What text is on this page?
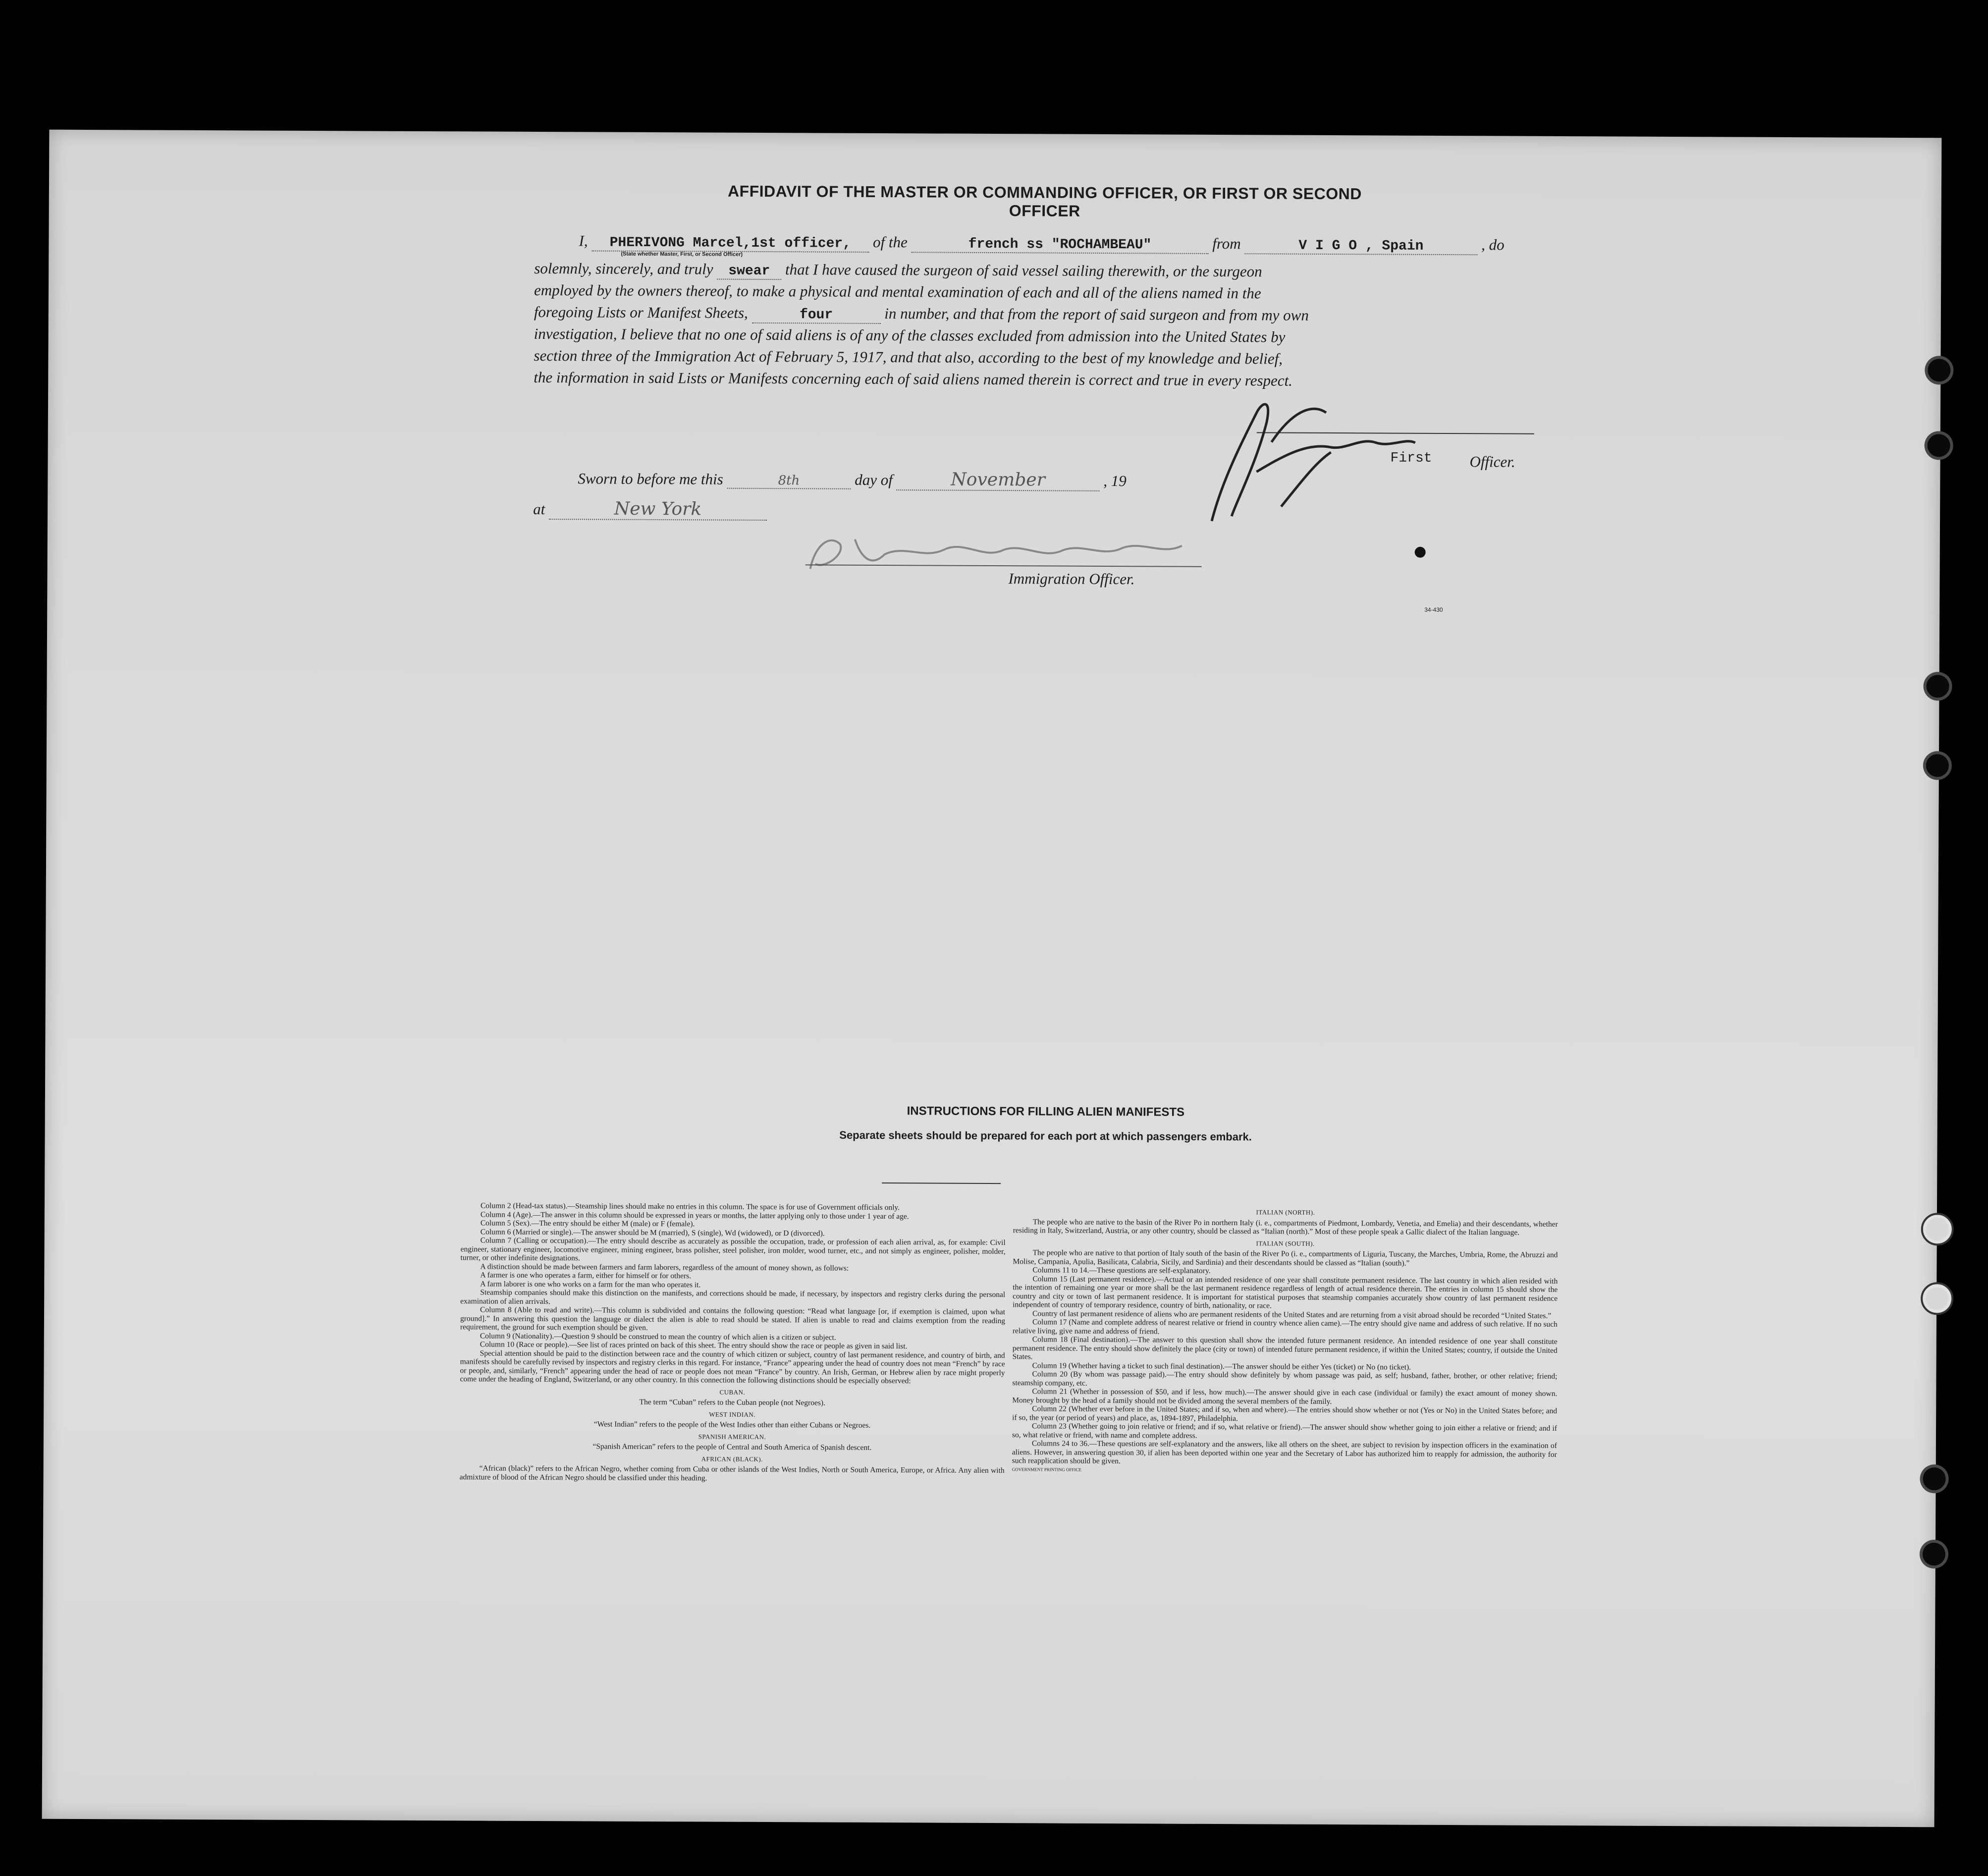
AFFIDAVIT OF THE MASTER OR COMMANDING OFFICER, OR FIRST OR SECOND OFFICER
I, PHERIVONG Marcel,1st officer, of the	french ss "ROCHAMBEAU"	from	V I G O , Spain	, do
(State whether Master, First, or Second Officer)
solemnly, sincerely, and truly swear that I have caused the surgeon of said vessel sailing therewith, or the surgeon
employed by the owners thereof, to make a physical and mental examination of each and all of the aliens named in the
foregoing Lists or Manifest Sheets,	four	in number, and that from the report of said surgeon and from my own
investigation, I believe that no one of said aliens is of any of the classes excluded from admission into the United States by
section three of the Immigration Act of February 5, 1917, and that also, according to the best of my knowledge and belief,
the information in said Lists or Manifests concerning each of said aliens named therein is correct and true in every respect.
First Officer.
Sworn to before me this	8th	day of	November	, 19
at	New York
Immigration Officer.
34-430
INSTRUCTIONS FOR FILLING ALIEN MANIFESTS
Separate sheets should be prepared for each port at which passengers embark.

Column 2 (Head-tax status).—Steamship lines should make no entries in this column. The space is for use of Government officials only.

Column 4 (Age).—The answer in this column should be expressed in years or months, the latter applying only to those under 1 year of age.

Column 5 (Sex).—The entry should be either M (male) or F (female).

Column 6 (Married or single).—The answer should be M (married), S (single), Wd (widowed), or D (divorced).

Column 7 (Calling or occupation).—The entry should describe as accurately as possible the occupation, trade, or profession of each alien arrival, as, for example: Civil engineer, stationary engineer, locomotive engineer, mining engineer, brass polisher, steel polisher, iron molder, wood turner, etc., and not simply as engineer, polisher, molder, turner, or other indefinite designations.

A distinction should be made between farmers and farm laborers, regardless of the amount of money shown, as follows:

A farmer is one who operates a farm, either for himself or for others.

A farm laborer is one who works on a farm for the man who operates it.

Steamship companies should make this distinction on the manifests, and corrections should be made, if necessary, by inspectors and registry clerks during the personal examination of alien arrivals.

Column 8 (Able to read and write).—This column is subdivided and contains the following question: “Read what language [or, if exemption is claimed, upon what ground].” In answering this question the language or dialect the alien is able to read should be stated. If alien is unable to read and claims exemption from the reading requirement, the ground for such exemption should be given.

Column 9 (Nationality).—Question 9 should be construed to mean the country of which alien is a citizen or subject.

Column 10 (Race or people).—See list of races printed on back of this sheet. The entry should show the race or people as given in said list.

Special attention should be paid to the distinction between race and the country of which citizen or subject, country of last permanent residence, and country of birth, and manifests should be carefully revised by inspectors and registry clerks in this regard. For instance, “France” appearing under the head of country does not mean “French” by race or people, and, similarly, “French” appearing under the head of race or people does not mean “France” by country. An Irish, German, or Hebrew alien by race might properly come under the heading of England, Switzerland, or any other country. In this connection the following distinctions should be especially observed:

CUBAN.

The term “Cuban” refers to the Cuban people (not Negroes).

WEST INDIAN.

“West Indian” refers to the people of the West Indies other than either Cubans or Negroes.

SPANISH AMERICAN.

“Spanish American” refers to the people of Central and South America of Spanish descent.

AFRICAN (BLACK).

“African (black)” refers to the African Negro, whether coming from Cuba or other islands of the West Indies, North or South America, Europe, or Africa. Any alien with admixture of blood of the African Negro should be classified under this heading.

ITALIAN (NORTH).

The people who are native to the basin of the River Po in northern Italy (i. e., compartments of Piedmont, Lombardy, Venetia, and Emelia) and their descendants, whether residing in Italy, Switzerland, Austria, or any other country, should be classed as “Italian (north).” Most of these people speak a Gallic dialect of the Italian language.

ITALIAN (SOUTH).

The people who are native to that portion of Italy south of the basin of the River Po (i. e., compartments of Liguria, Tuscany, the Marches, Umbria, Rome, the Abruzzi and Molise, Campania, Apulia, Basilicata, Calabria, Sicily, and Sardinia) and their descendants should be classed as “Italian (south).”

Columns 11 to 14.—These questions are self-explanatory.

Column 15 (Last permanent residence).—Actual or an intended residence of one year shall constitute permanent residence. The last country in which alien resided with the intention of remaining one year or more shall be the last permanent residence regardless of length of actual residence therein. The entries in column 15 should show the country and city or town of last permanent residence. It is important for statistical purposes that steamship companies accurately show country of last permanent residence independent of country of temporary residence, country of birth, nationality, or race.

Country of last permanent residence of aliens who are permanent residents of the United States and are returning from a visit abroad should be recorded “United States.”

Column 17 (Name and complete address of nearest relative or friend in country whence alien came).—The entry should give name and address of such relative. If no such relative living, give name and address of friend.

Column 18 (Final destination).—The answer to this question shall show the intended future permanent residence. An intended residence of one year shall constitute permanent residence. The entry should show definitely the place (city or town) of intended future permanent residence, if within the United States; country, if outside the United States.

Column 19 (Whether having a ticket to such final destination).—The answer should be either Yes (ticket) or No (no ticket).

Column 20 (By whom was passage paid).—The entry should show definitely by whom passage was paid, as self; husband, father, brother, or other relative; friend; steamship company, etc.

Column 21 (Whether in possession of $50, and if less, how much).—The answer should give in each case (individual or family) the exact amount of money shown. Money brought by the head of a family should not be divided among the several members of the family.

Column 22 (Whether ever before in the United States; and if so, when and where).—The entries should show whether or not (Yes or No) in the United States before; and if so, the year (or period of years) and place, as, 1894-1897, Philadelphia.

Column 23 (Whether going to join relative or friend; and if so, what relative or friend).—The answer should show whether going to join either a relative or friend; and if so, what relative or friend, with name and complete address.

Columns 24 to 36.—These questions are self-explanatory and the answers, like all others on the sheet, are subject to revision by inspection officers in the examination of aliens. However, in answering question 30, if alien has been deported within one year and the Secretary of Labor has authorized him to reapply for admission, the authority for such reapplication should be given.

GOVERNMENT PRINTING OFFICE
